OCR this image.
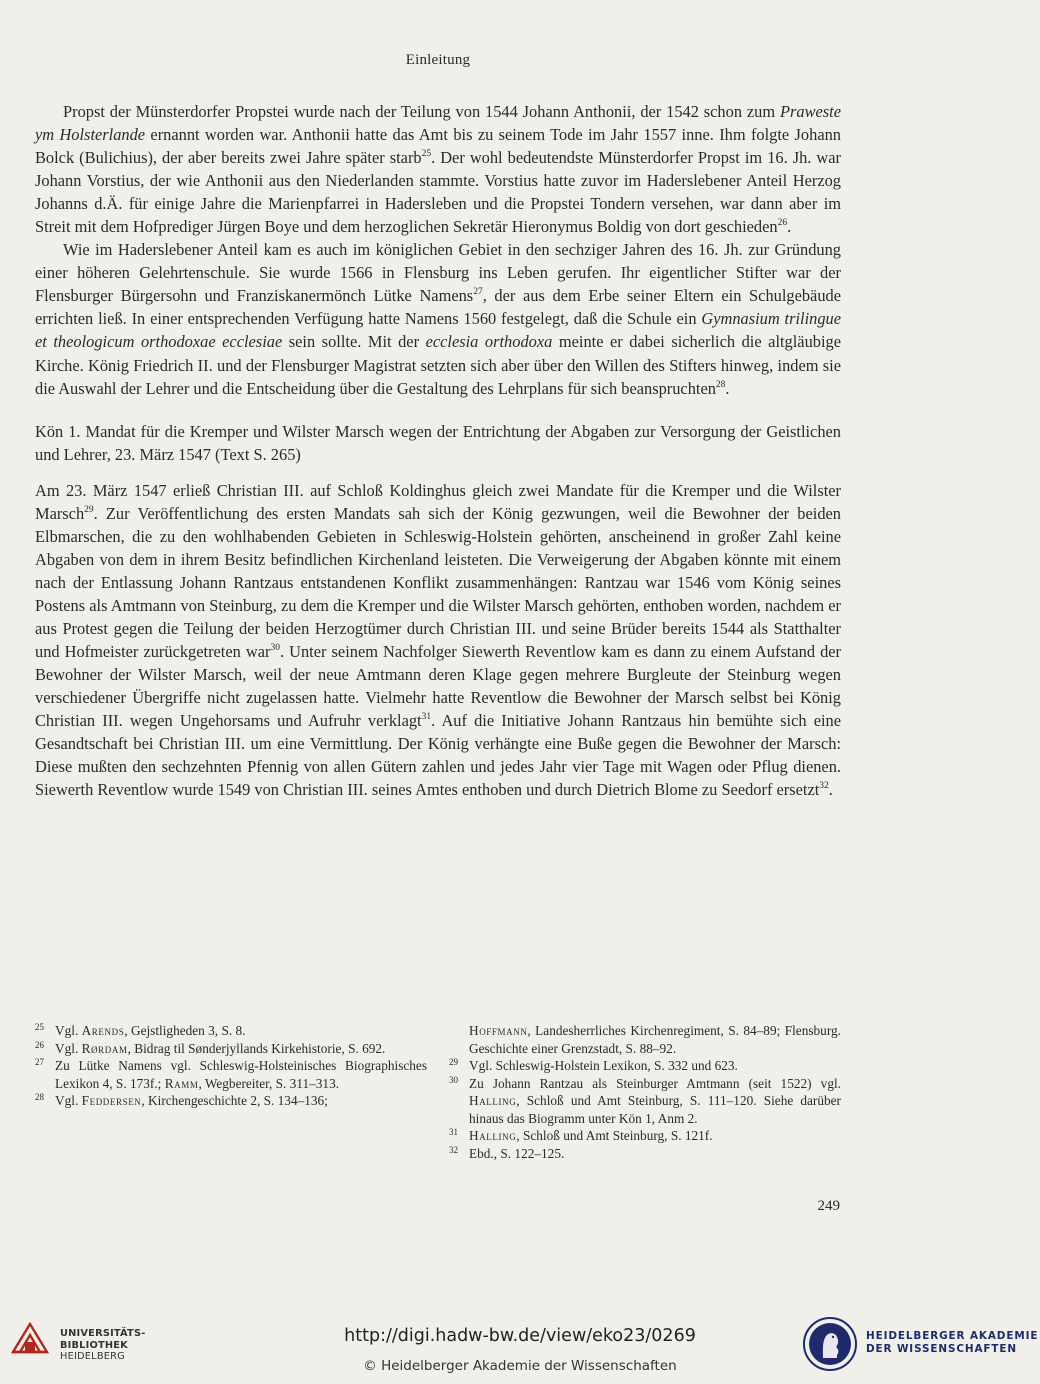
Einleitung

Propst der Münsterdorfer Propstei wurde nach der Teilung von 1544 Johann Anthonii, der 1542 schon zum Praweste ym Holsterlande ernannt worden war. Anthonii hatte das Amt bis zu seinem Tode im Jahr 1557 inne. Ihm folgte Johann Bolck (Bulichius), der aber bereits zwei Jahre später starb$^{25}$. Der wohl bedeutendste Münsterdorfer Propst im 16. Jh. war Johann Vorstius, der wie Anthonii aus den Niederlanden stammte. Vorstius hatte zuvor im Haderslebener Anteil Herzog Johanns d.Ä. für einige Jahre die Marienpfarrei in Hadersleben und die Propstei Tondern versehen, war dann aber im Streit mit dem Hofprediger Jürgen Boye und dem herzoglichen Sekretär Hieronymus Boldig von dort geschieden$^{26}$.

Wie im Haderslebener Anteil kam es auch im königlichen Gebiet in den sechziger Jahren des 16. Jh. zur Gründung einer höheren Gelehrtenschule. Sie wurde 1566 in Flensburg ins Leben gerufen. Ihr eigentlicher Stifter war der Flensburger Bürgersohn und Franziskanermönch Lütke Namens$^{27}$, der aus dem Erbe seiner Eltern ein Schulgebäude errichten ließ. In einer entsprechenden Verfügung hatte Namens 1560 festgelegt, daß die Schule ein Gymnasium trilingue et theologicum orthodoxae ecclesiae sein sollte. Mit der ecclesia orthodoxa meinte er dabei sicherlich die altgläubige Kirche. König Friedrich II. und der Flensburger Magistrat setzten sich aber über den Willen des Stifters hinweg, indem sie die Auswahl der Lehrer und die Entscheidung über die Gestaltung des Lehrplans für sich beanspruchten$^{28}$.

Kön 1. Mandat für die Kremper und Wilster Marsch wegen der Entrichtung der Abgaben zur Versorgung der Geistlichen und Lehrer, 23. März 1547 (Text S. 265)

Am 23. März 1547 erließ Christian III. auf Schloß Koldinghus gleich zwei Mandate für die Kremper und die Wilster Marsch$^{29}$. Zur Veröffentlichung des ersten Mandats sah sich der König gezwungen, weil die Bewohner der beiden Elbmarschen, die zu den wohlhabenden Gebieten in Schleswig-Holstein gehörten, anscheinend in großer Zahl keine Abgaben von dem in ihrem Besitz befindlichen Kirchenland leisteten. Die Verweigerung der Abgaben könnte mit einem nach der Entlassung Johann Rantzaus entstandenen Konflikt zusammenhängen: Rantzau war 1546 vom König seines Postens als Amtmann von Steinburg, zu dem die Kremper und die Wilster Marsch gehörten, enthoben worden, nachdem er aus Protest gegen die Teilung der beiden Herzogtümer durch Christian III. und seine Brüder bereits 1544 als Statthalter und Hofmeister zurückgetreten war$^{30}$. Unter seinem Nachfolger Siewerth Reventlow kam es dann zu einem Aufstand der Bewohner der Wilster Marsch, weil der neue Amtmann deren Klage gegen mehrere Burgleute der Steinburg wegen verschiedener Übergriffe nicht zugelassen hatte. Vielmehr hatte Reventlow die Bewohner der Marsch selbst bei König Christian III. wegen Ungehorsams und Aufruhr verklagt$^{31}$. Auf die Initiative Johann Rantzaus hin bemühte sich eine Gesandtschaft bei Christian III. um eine Vermittlung. Der König verhängte eine Buße gegen die Bewohner der Marsch: Diese mußten den sechzehnten Pfennig von allen Gütern zahlen und jedes Jahr vier Tage mit Wagen oder Pflug dienen. Siewerth Reventlow wurde 1549 von Christian III. seines Amtes enthoben und durch Dietrich Blome zu Seedorf ersetzt$^{32}$.

25 Vgl. Arends, Gejstligheden 3, S. 8.

26 Vgl. Rørdam, Bidrag til Sønderjyllands Kirkehistorie, S. 692.

27 Zu Lütke Namens vgl. Schleswig-Holsteinisches Biographisches Lexikon 4, S. 173f.; Ramm, Wegbereiter, S. 311–313.

28 Vgl. Feddersen, Kirchengeschichte 2, S. 134–136;

Hoffmann, Landesherrliches Kirchenregiment, S. 84–89; Flensburg. Geschichte einer Grenzstadt, S. 88–92.

29 Vgl. Schleswig-Holstein Lexikon, S. 332 und 623.

30 Zu Johann Rantzau als Steinburger Amtmann (seit 1522) vgl. Halling, Schloß und Amt Steinburg, S. 111–120. Siehe darüber hinaus das Biogramm unter Kön 1, Anm 2.

31 Halling, Schloß und Amt Steinburg, S. 121f.

32 Ebd., S. 122–125.

249
UNIVERSITÄTS-
BIBLIOTHEK
HEIDELBERG
http://digi.hadw-bw.de/view/eko23/0269
© Heidelberger Akademie der Wissenschaften
HEIDELBERGER AKADEMIE
DER WISSENSCHAFTEN
